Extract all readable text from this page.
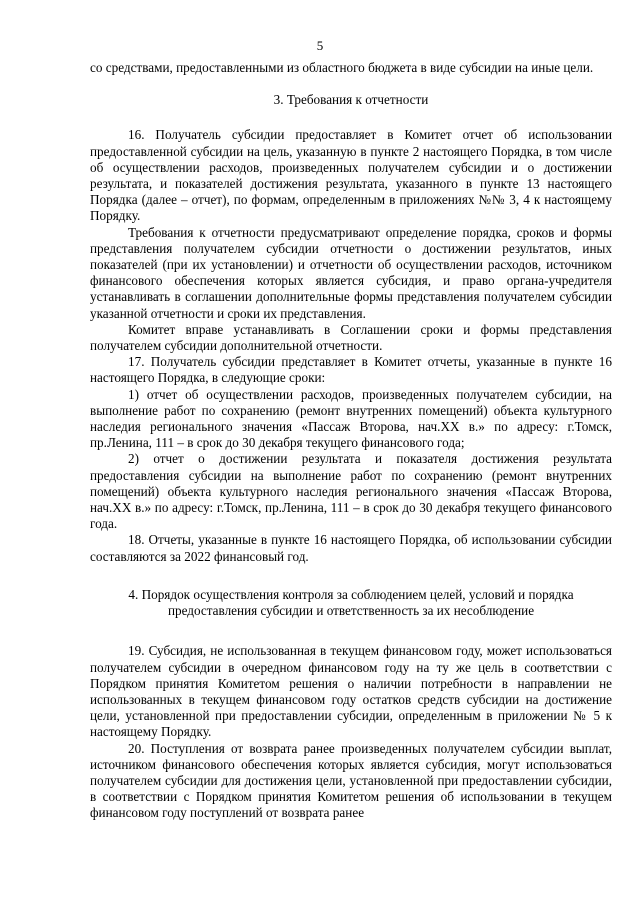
5

со средствами, предоставленными из областного бюджета в виде субсидии на иные цели.

3. Требования к отчетности

16. Получатель субсидии предоставляет в Комитет отчет об использовании предоставленной субсидии на цель, указанную в пункте 2 настоящего Порядка, в том числе об осуществлении расходов, произведенных получателем субсидии и о достижении результата, и показателей достижения результата, указанного в пункте 13 настоящего Порядка (далее – отчет), по формам, определенным в приложениях №№ 3, 4 к настоящему Порядку.

Требования к отчетности предусматривают определение порядка, сроков и формы представления получателем субсидии отчетности о достижении результатов, иных показателей (при их установлении) и отчетности об осуществлении расходов, источником финансового обеспечения которых является субсидия, и право органа-учредителя устанавливать в соглашении дополнительные формы представления получателем субсидии указанной отчетности и сроки их представления.

Комитет вправе устанавливать в Соглашении сроки и формы представления получателем субсидии дополнительной отчетности.

17. Получатель субсидии представляет в Комитет отчеты, указанные в пункте 16 настоящего Порядка, в следующие сроки:

1) отчет об осуществлении расходов, произведенных получателем субсидии, на выполнение работ по сохранению (ремонт внутренних помещений) объекта культурного наследия регионального значения «Пассаж Второва, нач.XX в.» по адресу: г.Томск, пр.Ленина, 111 – в срок до 30 декабря текущего финансового года;

2) отчет о достижении результата и показателя достижения результата предоставления субсидии на выполнение работ по сохранению (ремонт внутренних помещений) объекта культурного наследия регионального значения «Пассаж Второва, нач.XX в.» по адресу: г.Томск, пр.Ленина, 111 – в срок до 30 декабря текущего финансового года.

18. Отчеты, указанные в пункте 16 настоящего Порядка, об использовании субсидии составляются за 2022 финансовый год.

4. Порядок осуществления контроля за соблюдением целей, условий и порядка предоставления субсидии и ответственность за их несоблюдение

19. Субсидия, не использованная в текущем финансовом году, может использоваться получателем субсидии в очередном финансовом году на ту же цель в соответствии с Порядком принятия Комитетом решения о наличии потребности в направлении не использованных в текущем финансовом году остатков средств субсидии на достижение цели, установленной при предоставлении субсидии, определенным в приложении № 5 к настоящему Порядку.

20. Поступления от возврата ранее произведенных получателем субсидии выплат, источником финансового обеспечения которых является субсидия, могут использоваться получателем субсидии для достижения цели, установленной при предоставлении субсидии, в соответствии с Порядком принятия Комитетом решения об использовании в текущем финансовом году поступлений от возврата ранее
